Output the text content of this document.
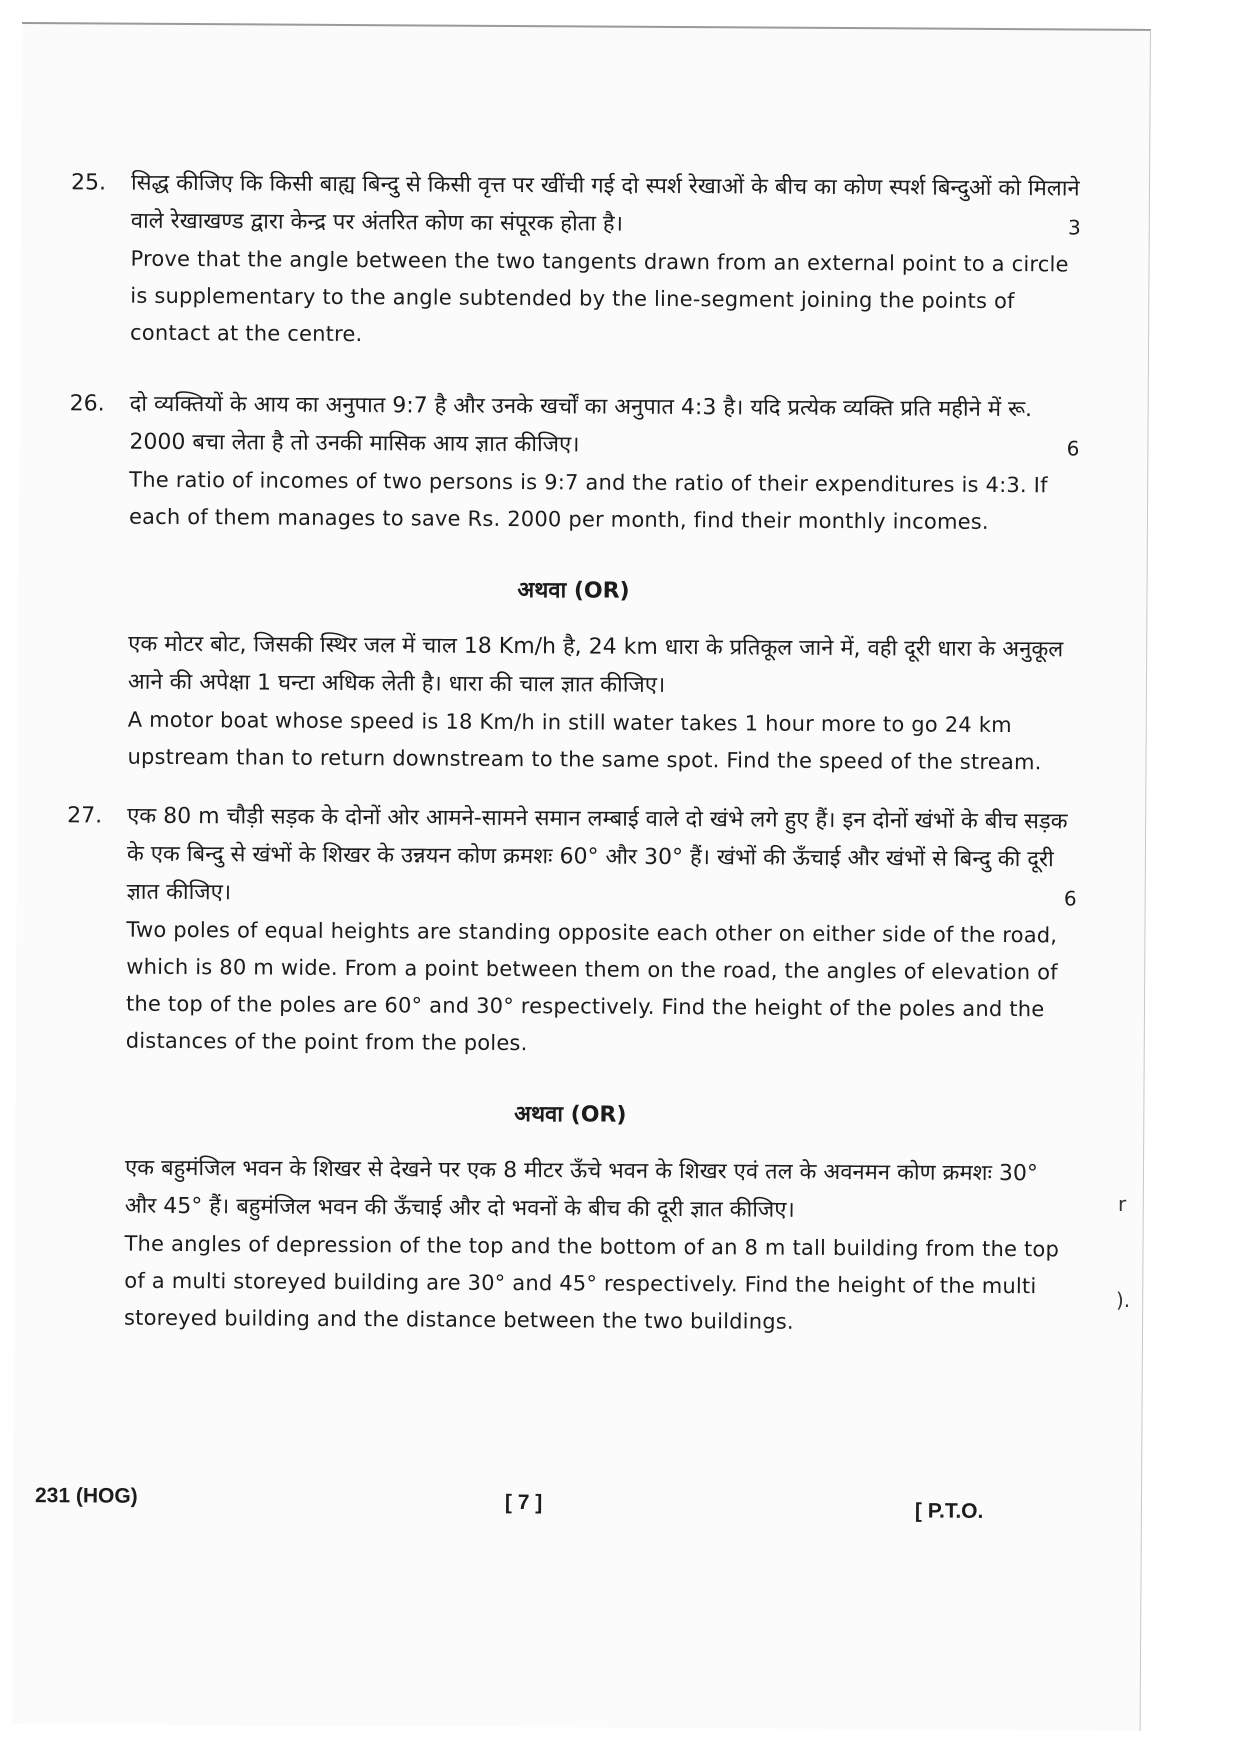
25. सिद्ध कीजिए कि किसी बाह्य बिन्दु से किसी वृत्त पर खींची गई दो स्पर्श रेखाओं के बीच का कोण स्पर्श बिन्दुओं को मिलाने वाले रेखाखण्ड द्वारा केन्द्र पर अंतरित कोण का संपूरक होता है।	3

Prove that the angle between the two tangents drawn from an external point to a circle is supplementary to the angle subtended by the line-segment joining the points of contact at the centre.

26. दो व्यक्तियों के आय का अनुपात 9:7 है और उनके खर्चों का अनुपात 4:3 है। यदि प्रत्येक व्यक्ति प्रति महीने में रू. 2000 बचा लेता है तो उनकी मासिक आय ज्ञात कीजिए।	6

The ratio of incomes of two persons is 9:7 and the ratio of their expenditures is 4:3. If each of them manages to save Rs. 2000 per month, find their monthly incomes.

अथवा (OR)

एक मोटर बोट, जिसकी स्थिर जल में चाल 18 Km/h है, 24 km धारा के प्रतिकूल जाने में, वही दूरी धारा के अनुकूल आने की अपेक्षा 1 घन्टा अधिक लेती है। धारा की चाल ज्ञात कीजिए।

A motor boat whose speed is 18 Km/h in still water takes 1 hour more to go 24 km upstream than to return downstream to the same spot. Find the speed of the stream.

27. एक 80 m चौड़ी सड़क के दोनों ओर आमने-सामने समान लम्बाई वाले दो खंभे लगे हुए हैं। इन दोनों खंभों के बीच सड़क के एक बिन्दु से खंभों के शिखर के उन्नयन कोण क्रमशः 60° और 30° हैं। खंभों की ऊँचाई और खंभों से बिन्दु की दूरी ज्ञात कीजिए।	6

Two poles of equal heights are standing opposite each other on either side of the road, which is 80 m wide. From a point between them on the road, the angles of elevation of the top of the poles are 60° and 30° respectively. Find the height of the poles and the distances of the point from the poles.

अथवा (OR)

एक बहुमंजिल भवन के शिखर से देखने पर एक 8 मीटर ऊँचे भवन के शिखर एवं तल के अवनमन कोण क्रमशः 30° और 45° हैं। बहुमंजिल भवन की ऊँचाई और दो भवनों के बीच की दूरी ज्ञात कीजिए।

The angles of depression of the top and the bottom of an 8 m tall building from the top of a multi storeyed building are 30° and 45° respectively. Find the height of the multi storeyed building and the distance between the two buildings.

231 (HOG)	[ 7 ]	[ P.T.O.
r
).
